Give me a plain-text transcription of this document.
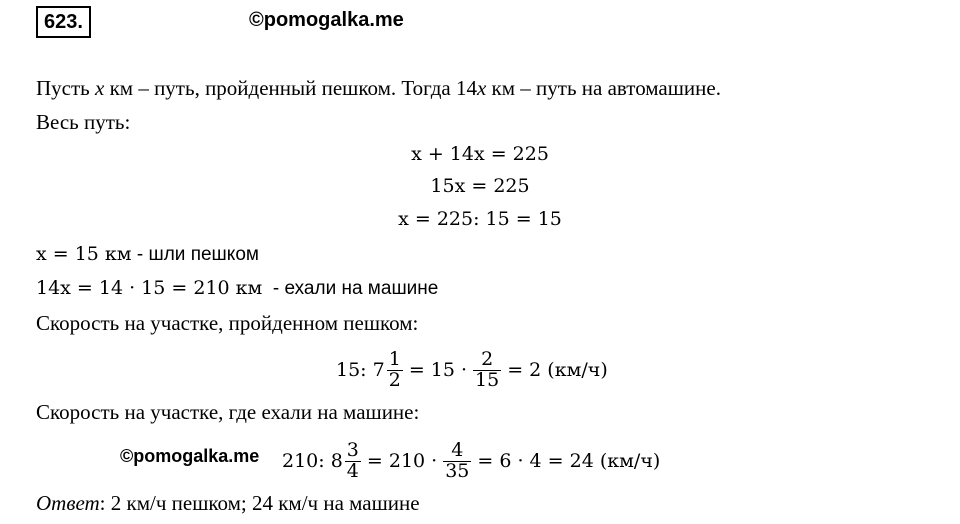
623.	©pomogalka.me
Пусть x км – путь, пройденный пешком. Тогда 14x км – путь на автомашине.
Весь путь:
x + 14x = 225
15x = 225
x = 225: 15 = 15
x = 15 км - шли пешком
14x = 14 · 15 = 210 км  - ехали на машине
Скорость на участке, пройденном пешком:
15: $7 \frac{1}{2} = 15 \cdot \frac{2}{15} = 2$ (км/ч)
Скорость на участке, где ехали на машине:
©pomogalka.me 210: $8 \frac{3}{4} = 210 \cdot \frac{4}{35} = 6 \cdot 4 = 24$ (км/ч)
Ответ: 2 км/ч пешком; 24 км/ч на машине
